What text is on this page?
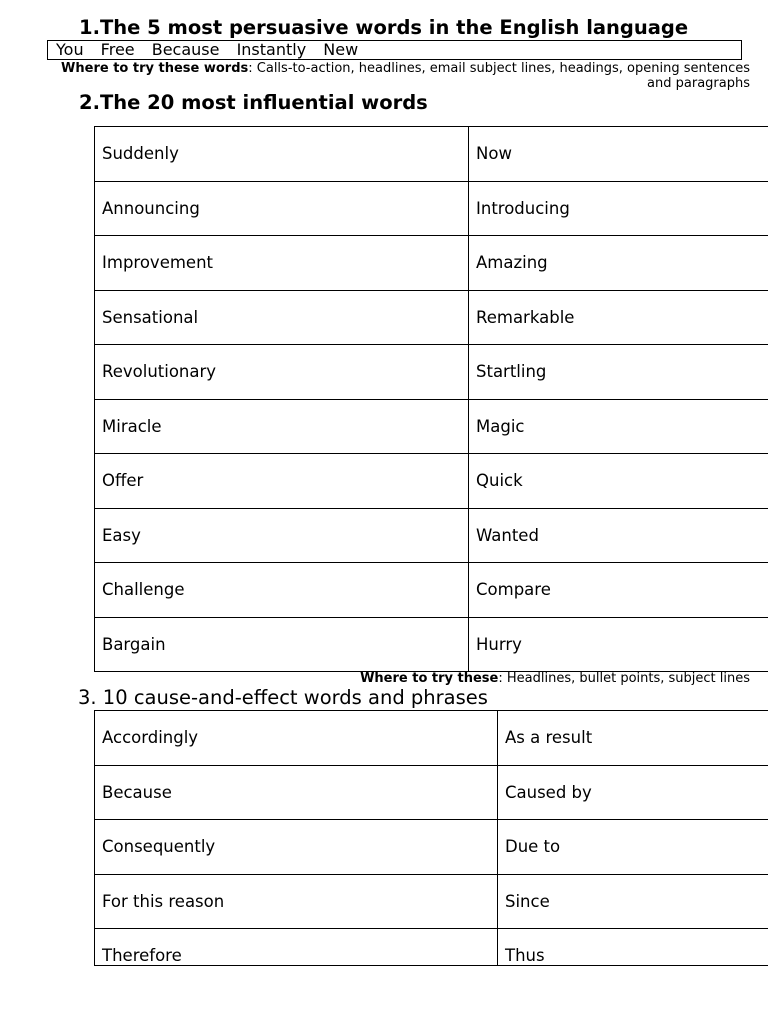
1.The 5 most persuasive words in the English language
You Free Because Instantly New
Where to try these words: Calls-to-action, headlines, email subject lines, headings, opening sentences and paragraphs
2.The 20 most influential words
Suddenly	Now
Announcing	Introducing
Improvement	Amazing
Sensational	Remarkable
Revolutionary	Startling
Miracle	Magic
Offer	Quick
Easy	Wanted
Challenge	Compare
Bargain	Hurry
Where to try these: Headlines, bullet points, subject lines
3. 10 cause-and-effect words and phrases
Accordingly	As a result
Because	Caused by
Consequently	Due to
For this reason	Since
Therefore	Thus
